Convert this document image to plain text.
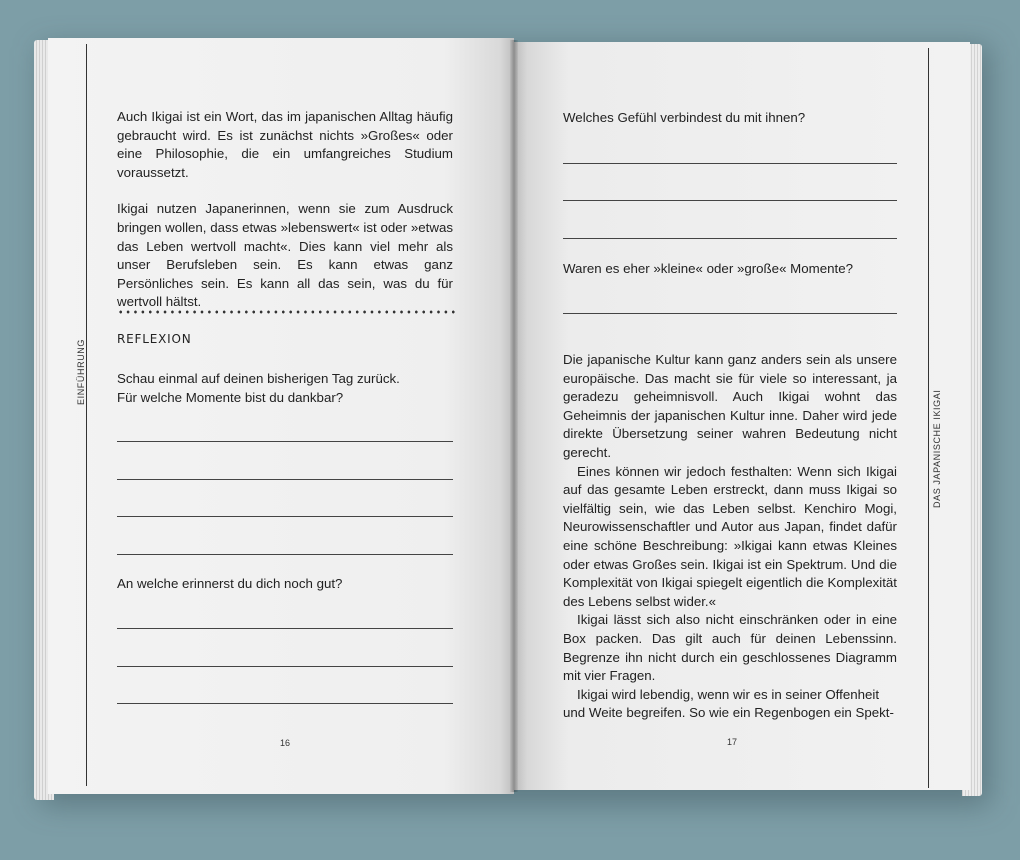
EINFÜHRUNG

Auch Ikigai ist ein Wort, das im japanischen Alltag häufig gebraucht wird. Es ist zunächst nichts »Großes« oder eine Philosophie, die ein umfangreiches Studium voraussetzt.

Ikigai nutzen Japanerinnen, wenn sie zum Ausdruck bringen wollen, dass etwas »lebenswert« ist oder »etwas das Leben wertvoll macht«. Dies kann viel mehr als unser Berufsleben sein. Es kann etwas ganz Persönliches sein. Es kann all das sein, was du für wertvoll hältst.

REFLEXION
Schau einmal auf deinen bisherigen Tag zurück.
Für welche Momente bist du dankbar?
An welche erinnerst du dich noch gut?
16
DAS JAPANISCHE IKIGAI
Welches Gefühl verbindest du mit ihnen?
Waren es eher »kleine« oder »große« Momente?

Die japanische Kultur kann ganz anders sein als unsere europäische. Das macht sie für viele so interessant, ja geradezu geheimnisvoll. Auch Ikigai wohnt das Geheimnis der japanischen Kultur inne. Daher wird jede direkte Übersetzung seiner wahren Bedeutung nicht gerecht.

Eines können wir jedoch festhalten: Wenn sich Ikigai auf das gesamte Leben erstreckt, dann muss Ikigai so vielfältig sein, wie das Leben selbst. Kenchiro Mogi, Neurowissenschaftler und Autor aus Japan, findet dafür eine schöne Beschreibung: »Ikigai kann etwas Kleines oder etwas Großes sein. Ikigai ist ein Spektrum. Und die Komplexität von Ikigai spiegelt eigentlich die Komplexität des Lebens selbst wider.«

Ikigai lässt sich also nicht einschränken oder in eine Box packen. Das gilt auch für deinen Lebenssinn. Begrenze ihn nicht durch ein geschlossenes Diagramm mit vier Fragen.

Ikigai wird lebendig, wenn wir es in seiner Offenheit und Weite begreifen. So wie ein Regenbogen ein Spekt-

17
